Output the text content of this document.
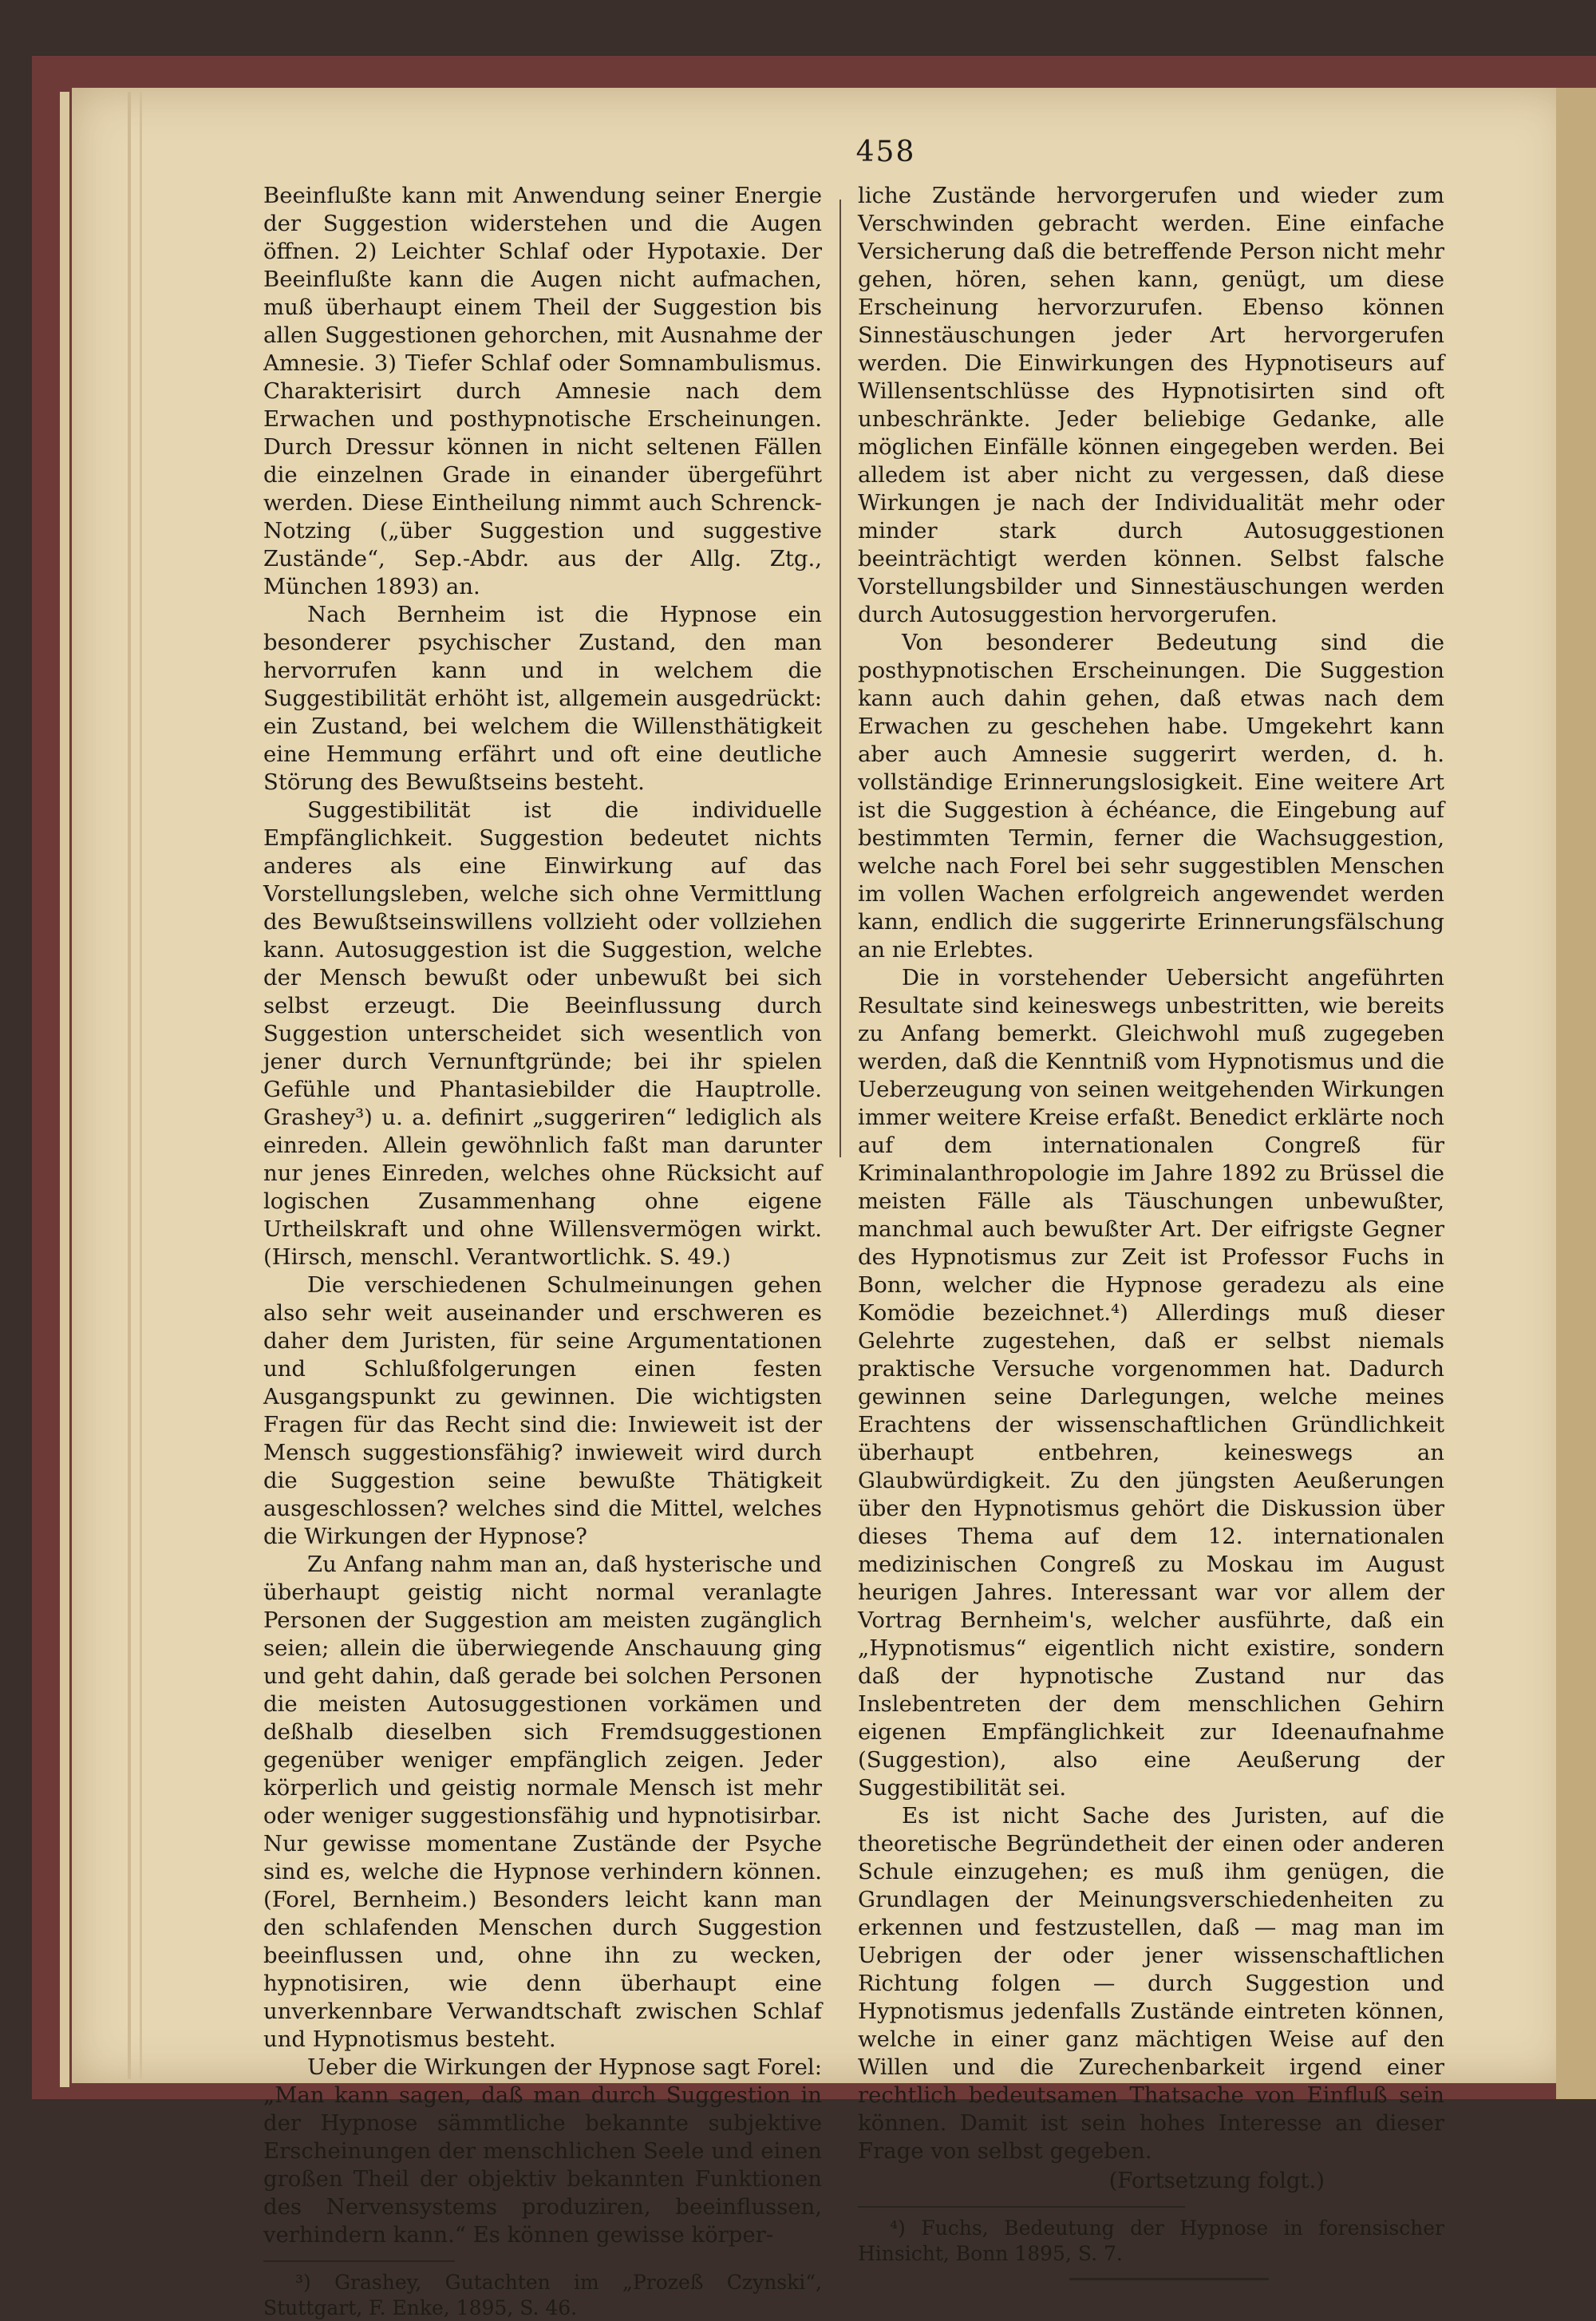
458

Beeinflußte kann mit Anwendung seiner Energie der Suggestion widerstehen und die Augen öffnen. 2) Leichter Schlaf oder Hypotaxie. Der Beeinflußte kann die Augen nicht aufmachen, muß überhaupt einem Theil der Suggestion bis allen Suggestionen gehorchen, mit Ausnahme der Amnesie. 3) Tiefer Schlaf oder Somnambulismus. Charakterisirt durch Amnesie nach dem Erwachen und posthypnotische Erscheinungen. Durch Dressur können in nicht seltenen Fällen die einzelnen Grade in einander übergeführt werden. Diese Eintheilung nimmt auch Schrenck-Notzing („über Suggestion und suggestive Zustände“, Sep.-Abdr. aus der Allg. Ztg., München 1893) an.

Nach Bernheim ist die Hypnose ein besonderer psychischer Zustand, den man hervorrufen kann und in welchem die Suggestibilität erhöht ist, allgemein ausgedrückt: ein Zustand, bei welchem die Willensthätigkeit eine Hemmung erfährt und oft eine deutliche Störung des Bewußtseins besteht.

Suggestibilität ist die individuelle Empfänglichkeit. Suggestion bedeutet nichts anderes als eine Einwirkung auf das Vorstellungsleben, welche sich ohne Vermittlung des Bewußtseinswillens vollzieht oder vollziehen kann. Autosuggestion ist die Suggestion, welche der Mensch bewußt oder unbewußt bei sich selbst erzeugt. Die Beeinflussung durch Suggestion unterscheidet sich wesentlich von jener durch Vernunftgründe; bei ihr spielen Gefühle und Phantasiebilder die Hauptrolle. Grashey³) u. a. definirt „suggeriren“ lediglich als einreden. Allein gewöhnlich faßt man darunter nur jenes Einreden, welches ohne Rücksicht auf logischen Zusammenhang ohne eigene Urtheilskraft und ohne Willensvermögen wirkt. (Hirsch, menschl. Verantwortlichk. S. 49.)

Die verschiedenen Schulmeinungen gehen also sehr weit auseinander und erschweren es daher dem Juristen, für seine Argumentationen und Schlußfolgerungen einen festen Ausgangspunkt zu gewinnen. Die wichtigsten Fragen für das Recht sind die: Inwieweit ist der Mensch suggestionsfähig? inwieweit wird durch die Suggestion seine bewußte Thätigkeit ausgeschlossen? welches sind die Mittel, welches die Wirkungen der Hypnose?

Zu Anfang nahm man an, daß hysterische und überhaupt geistig nicht normal veranlagte Personen der Suggestion am meisten zugänglich seien; allein die überwiegende Anschauung ging und geht dahin, daß gerade bei solchen Personen die meisten Autosuggestionen vorkämen und deßhalb dieselben sich Fremdsuggestionen gegenüber weniger empfänglich zeigen. Jeder körperlich und geistig normale Mensch ist mehr oder weniger suggestionsfähig und hypnotisirbar. Nur gewisse momentane Zustände der Psyche sind es, welche die Hypnose verhindern können. (Forel, Bernheim.) Besonders leicht kann man den schlafenden Menschen durch Suggestion beeinflussen und, ohne ihn zu wecken, hypnotisiren, wie denn überhaupt eine unverkennbare Verwandtschaft zwischen Schlaf und Hypnotismus besteht.

Ueber die Wirkungen der Hypnose sagt Forel: „Man kann sagen, daß man durch Suggestion in der Hypnose sämmtliche bekannte subjektive Erscheinungen der menschlichen Seele und einen großen Theil der objektiv bekannten Funktionen des Nervensystems produziren, beeinflussen, verhindern kann.“ Es können gewisse körper-

³) Grashey, Gutachten im „Prozeß Czynski“, Stuttgart, F. Enke, 1895, S. 46.

liche Zustände hervorgerufen und wieder zum Verschwinden gebracht werden. Eine einfache Versicherung daß die betreffende Person nicht mehr gehen, hören, sehen kann, genügt, um diese Erscheinung hervorzurufen. Ebenso können Sinnestäuschungen jeder Art hervorgerufen werden. Die Einwirkungen des Hypnotiseurs auf Willensentschlüsse des Hypnotisirten sind oft unbeschränkte. Jeder beliebige Gedanke, alle möglichen Einfälle können eingegeben werden. Bei alledem ist aber nicht zu vergessen, daß diese Wirkungen je nach der Individualität mehr oder minder stark durch Autosuggestionen beeinträchtigt werden können. Selbst falsche Vorstellungsbilder und Sinnestäuschungen werden durch Autosuggestion hervorgerufen.

Von besonderer Bedeutung sind die posthypnotischen Erscheinungen. Die Suggestion kann auch dahin gehen, daß etwas nach dem Erwachen zu geschehen habe. Umgekehrt kann aber auch Amnesie suggerirt werden, d. h. vollständige Erinnerungslosigkeit. Eine weitere Art ist die Suggestion à échéance, die Eingebung auf bestimmten Termin, ferner die Wachsuggestion, welche nach Forel bei sehr suggestiblen Menschen im vollen Wachen erfolgreich angewendet werden kann, endlich die suggerirte Erinnerungsfälschung an nie Erlebtes.

Die in vorstehender Uebersicht angeführten Resultate sind keineswegs unbestritten, wie bereits zu Anfang bemerkt. Gleichwohl muß zugegeben werden, daß die Kenntniß vom Hypnotismus und die Ueberzeugung von seinen weitgehenden Wirkungen immer weitere Kreise erfaßt. Benedict erklärte noch auf dem internationalen Congreß für Kriminalanthropologie im Jahre 1892 zu Brüssel die meisten Fälle als Täuschungen unbewußter, manchmal auch bewußter Art. Der eifrigste Gegner des Hypnotismus zur Zeit ist Professor Fuchs in Bonn, welcher die Hypnose geradezu als eine Komödie bezeichnet.⁴) Allerdings muß dieser Gelehrte zugestehen, daß er selbst niemals praktische Versuche vorgenommen hat. Dadurch gewinnen seine Darlegungen, welche meines Erachtens der wissenschaftlichen Gründlichkeit überhaupt entbehren, keineswegs an Glaubwürdigkeit. Zu den jüngsten Aeußerungen über den Hypnotismus gehört die Diskussion über dieses Thema auf dem 12. internationalen medizinischen Congreß zu Moskau im August heurigen Jahres. Interessant war vor allem der Vortrag Bernheim's, welcher ausführte, daß ein „Hypnotismus“ eigentlich nicht existire, sondern daß der hypnotische Zustand nur das Inslebentreten der dem menschlichen Gehirn eigenen Empfänglichkeit zur Ideenaufnahme (Suggestion), also eine Aeußerung der Suggestibilität sei.

Es ist nicht Sache des Juristen, auf die theoretische Begründetheit der einen oder anderen Schule einzugehen; es muß ihm genügen, die Grundlagen der Meinungsverschiedenheiten zu erkennen und festzustellen, daß — mag man im Uebrigen der oder jener wissenschaftlichen Richtung folgen — durch Suggestion und Hypnotismus jedenfalls Zustände eintreten können, welche in einer ganz mächtigen Weise auf den Willen und die Zurechenbarkeit irgend einer rechtlich bedeutsamen Thatsache von Einfluß sein können. Damit ist sein hohes Interesse an dieser Frage von selbst gegeben.

(Fortsetzung folgt.)

⁴) Fuchs, Bedeutung der Hypnose in forensischer Hinsicht, Bonn 1895, S. 7.
